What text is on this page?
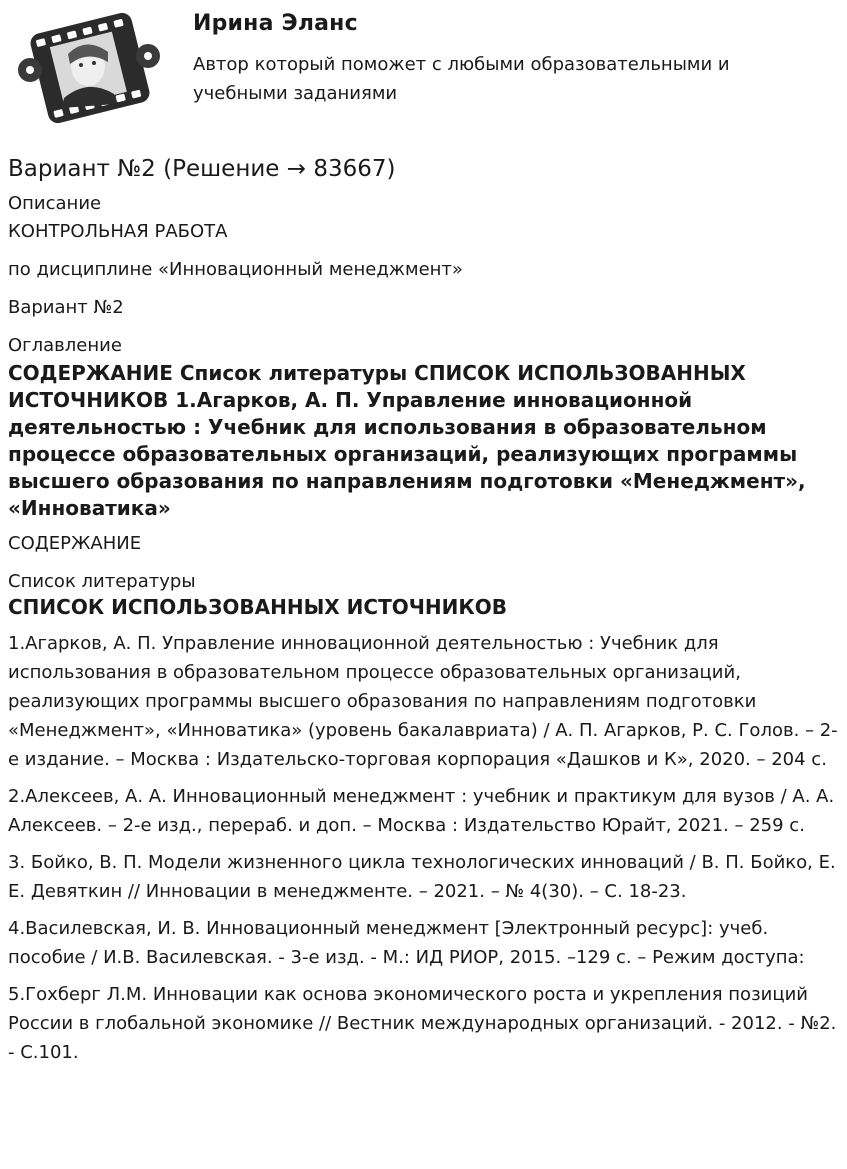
Ирина Эланс
Автор который поможет с любыми образовательными и учебными заданиями
Вариант №2 (Решение → 83667)
Описание
КОНТРОЛЬНАЯ РАБОТА
по дисциплине «Инновационный менеджмент»
Вариант №2
Оглавление
СОДЕРЖАНИЕ Список литературы СПИСОК ИСПОЛЬЗОВАННЫХ ИСТОЧНИКОВ 1.Агарков, А. П. Управление инновационной деятельностью : Учебник для использования в образовательном процессе образовательных организаций, реализующих программы высшего образования по направлениям подготовки «Менеджмент», «Инноватика»
СОДЕРЖАНИЕ
Список литературы
СПИСОК ИСПОЛЬЗОВАННЫХ ИСТОЧНИКОВ

1.Агарков, А. П. Управление инновационной деятельностью : Учебник для использования в образовательном процессе образовательных организаций, реализующих программы высшего образования по направлениям подготовки «Менеджмент», «Инноватика» (уровень бакалавриата) / А. П. Агарков, Р. С. Голов. – 2-е издание. – Москва : Издательско-торговая корпорация «Дашков и К», 2020. – 204 с.

2.Алексеев, А. А. Инновационный менеджмент : учебник и практикум для вузов / А. А. Алексеев. – 2-е изд., перераб. и доп. – Москва : Издательство Юрайт, 2021. – 259 с.

3. Бойко, В. П. Модели жизненного цикла технологических инноваций / В. П. Бойко, Е. Е. Девяткин // Инновации в менеджменте. – 2021. – № 4(30). – С. 18-23.

4.Василевская, И. В. Инновационный менеджмент [Электронный ресурс]: учеб. пособие / И.В. Василевская. - 3-е изд. - М.: ИД РИОР, 2015. –129 с. – Режим доступа:

5.Гохберг Л.М. Инновации как основа экономического роста и укрепления позиций России в глобальной экономике // Вестник международных организаций. - 2012. - №2. - С.101.
